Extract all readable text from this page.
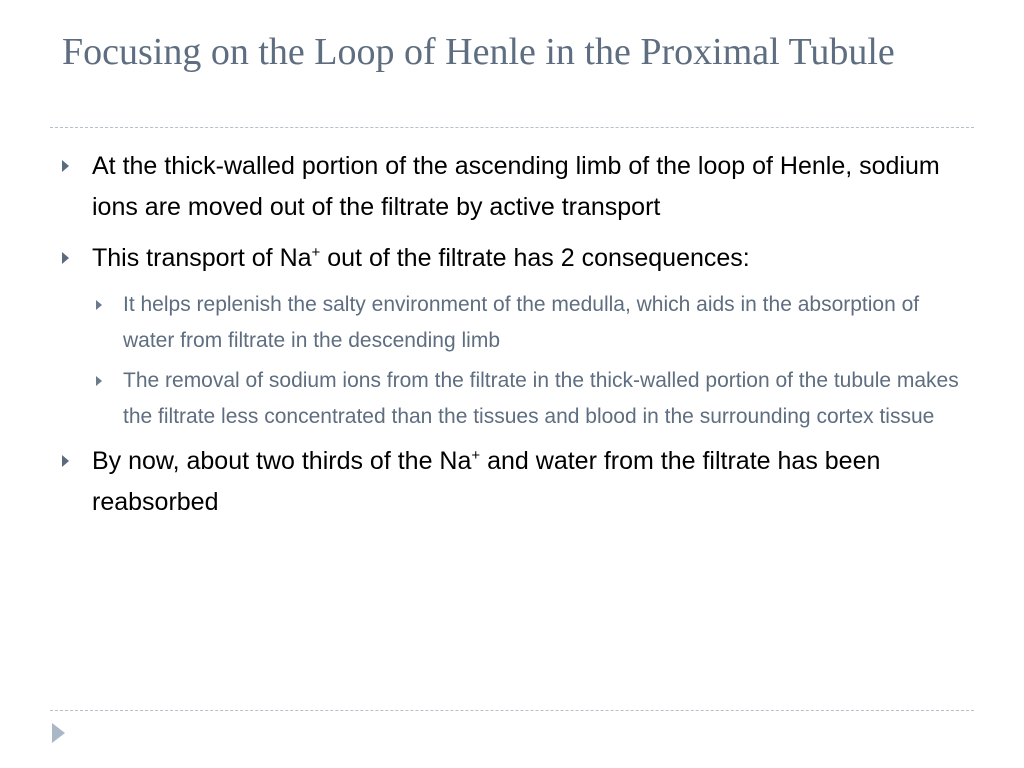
Focusing on the Loop of Henle in the Proximal Tubule
At the thick-walled portion of the ascending limb of the loop of Henle, sodium ions are moved out of the filtrate by active transport
This transport of Na+ out of the filtrate has 2 consequences:
It helps replenish the salty environment of the medulla, which aids in the absorption of water from filtrate in the descending limb
The removal of sodium ions from the filtrate in the thick-walled portion of the tubule makes the filtrate less concentrated than the tissues and blood in the surrounding cortex tissue
By now, about two thirds of the Na+ and water from the filtrate has been reabsorbed
